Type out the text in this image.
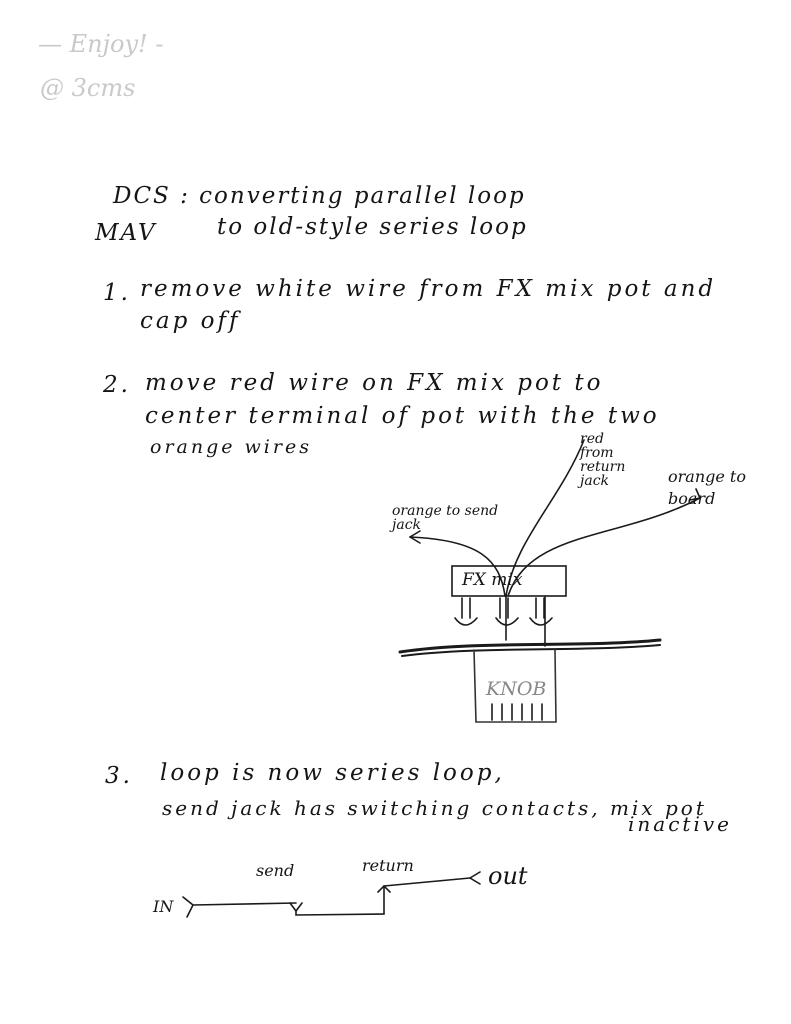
— Enjoy! -
@ 3cms
DCS : converting parallel loop
MAV	to old-style series loop
1. remove white wire from FX mix pot and
cap off
2. move red wire on FX mix pot to
center terminal of pot with the two
orange wires
FX mix
KNOB
orange to send jack
red from return jack	orange to board
3. loop is now series loop,
send jack has switching contacts, mix pot
inactive
IN
send	return	out
